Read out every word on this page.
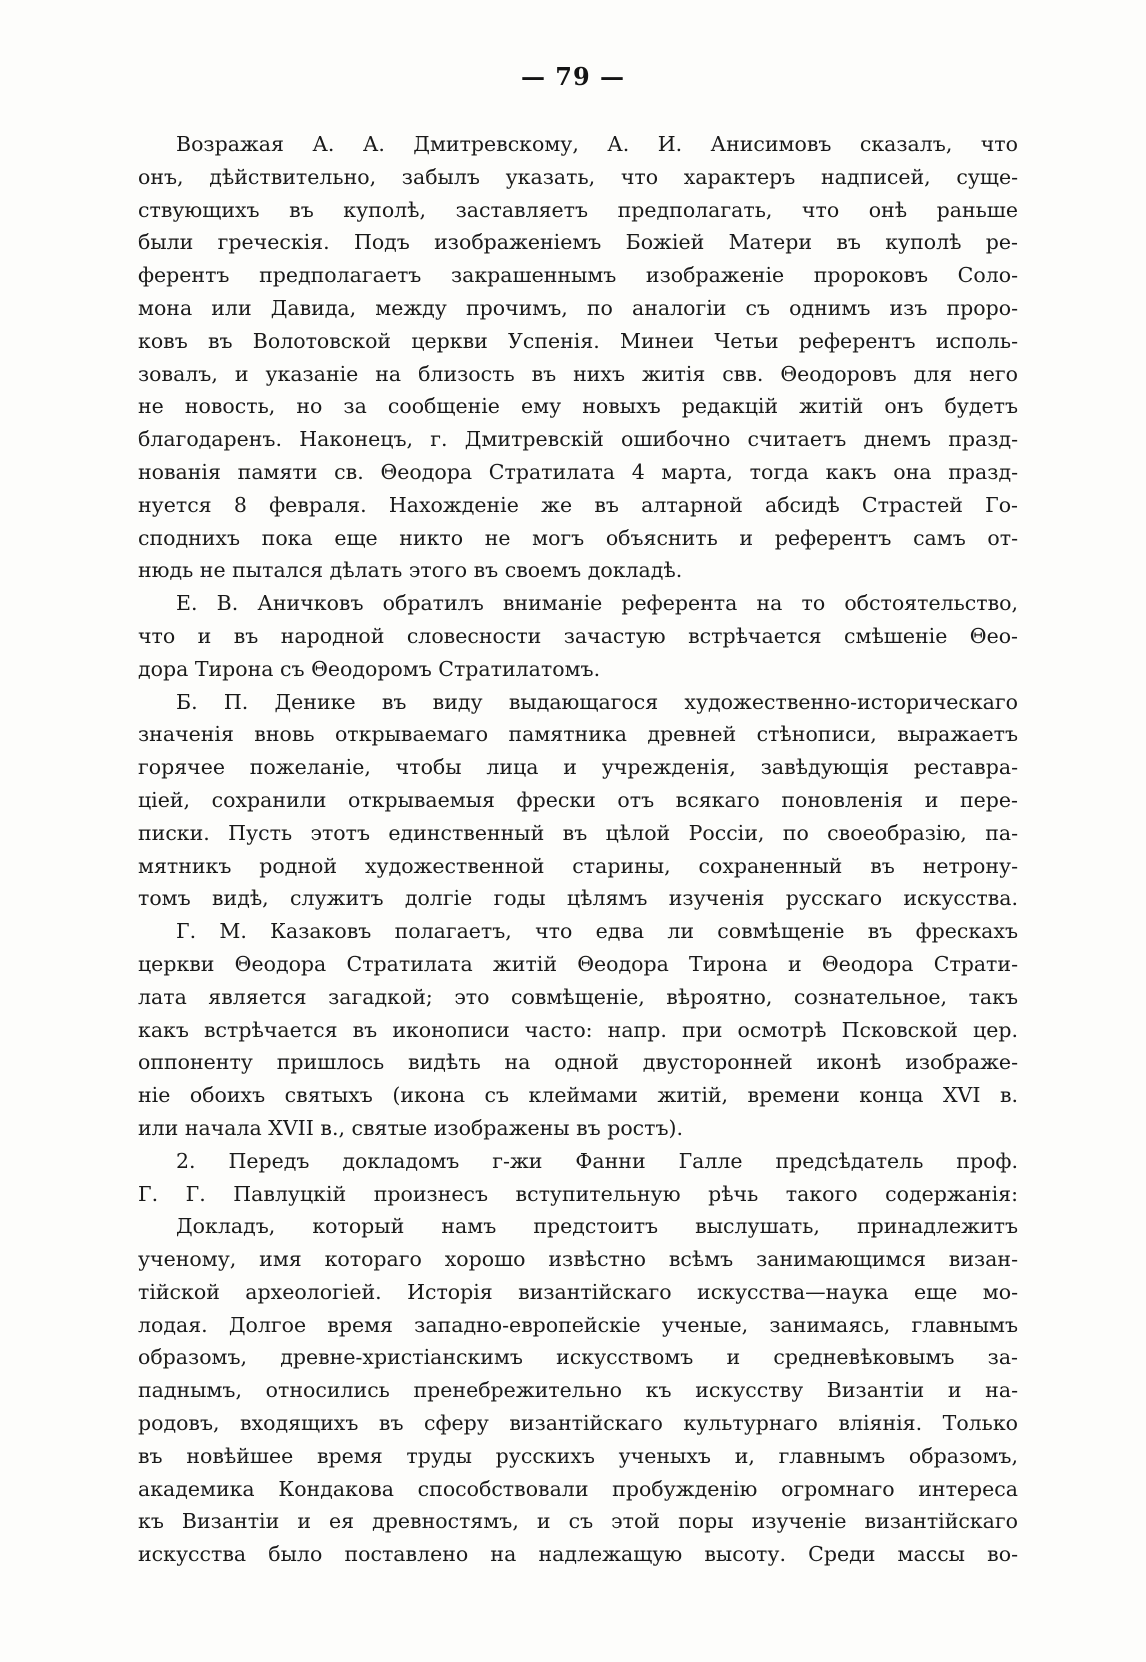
— 79 —
Возражая А. А. Дмитревскому, А. И. Анисимовъ сказалъ, что
онъ, дѣйствительно, забылъ указать, что характеръ надписей, суще-
ствующихъ въ куполѣ, заставляетъ предполагать, что онѣ раньше
были греческія. Подъ изображеніемъ Божіей Матери въ куполѣ ре-
ферентъ предполагаетъ закрашеннымъ изображеніе пророковъ Соло-
мона или Давида, между прочимъ, по аналогіи съ однимъ изъ проро-
ковъ въ Волотовской церкви Успенія. Минеи Четьи референтъ исполь-
зовалъ, и указаніе на близость въ нихъ житія свв. Θеодоровъ для него
не новость, но за сообщеніе ему новыхъ редакцій житій онъ будетъ
благодаренъ. Наконецъ, г. Дмитревскій ошибочно считаетъ днемъ празд-
нованія памяти св. Θеодора Стратилата 4 марта, тогда какъ она празд-
нуется 8 февраля. Нахожденіе же въ алтарной абсидѣ Страстей Го-
споднихъ пока еще никто не могъ объяснить и референтъ самъ от-
нюдь не пытался дѣлать этого въ своемъ докладѣ.
Е. В. Аничковъ обратилъ вниманіе референта на то обстоятельство,
что и въ народной словесности зачастую встрѣчается смѣшеніе Θео-
дора Тирона съ Θеодоромъ Стратилатомъ.
Б. П. Денике въ виду выдающагося художественно-историческаго
значенія вновь открываемаго памятника древней стѣнописи, выражаетъ
горячее пожеланіе, чтобы лица и учрежденія, завѣдующія реставра-
ціей, сохранили открываемыя фрески отъ всякаго поновленія и пере-
писки. Пусть этотъ единственный въ цѣлой Россіи, по своеобразію, па-
мятникъ родной художественной старины, сохраненный въ нетрону-
томъ видѣ, служитъ долгіе годы цѣлямъ изученія русскаго искусства.
Г. М. Казаковъ полагаетъ, что едва ли совмѣщеніе въ фрескахъ
церкви Θеодора Стратилата житій Θеодора Тирона и Θеодора Страти-
лата является загадкой; это совмѣщеніе, вѣроятно, сознательное, такъ
какъ встрѣчается въ иконописи часто: напр. при осмотрѣ Псковской цер.
оппоненту пришлось видѣть на одной двусторонней иконѣ изображе-
ніе обоихъ святыхъ (икона съ клеймами житій, времени конца XVI в.
или начала XVII в., святые изображены въ ростъ).
2. Передъ докладомъ г-жи Фанни Галле предсѣдатель проф.
Г. Г. Павлуцкій произнесъ вступительную рѣчь такого содержанія:
Докладъ, который намъ предстоитъ выслушать, принадлежитъ
ученому, имя котораго хорошо извѣстно всѣмъ занимающимся визан-
тійской археологіей. Исторія византійскаго искусства—наука еще мо-
лодая. Долгое время западно-европейскіе ученые, занимаясь, главнымъ
образомъ, древне-христіанскимъ искусствомъ и средневѣковымъ за-
паднымъ, относились пренебрежительно къ искусству Византіи и на-
родовъ, входящихъ въ сферу византійскаго культурнаго вліянія. Только
въ новѣйшее время труды русскихъ ученыхъ и, главнымъ образомъ,
академика Кондакова способствовали пробужденію огромнаго интереса
къ Византіи и ея древностямъ, и съ этой поры изученіе византійскаго
искусства было поставлено на надлежащую высоту. Среди массы во-
